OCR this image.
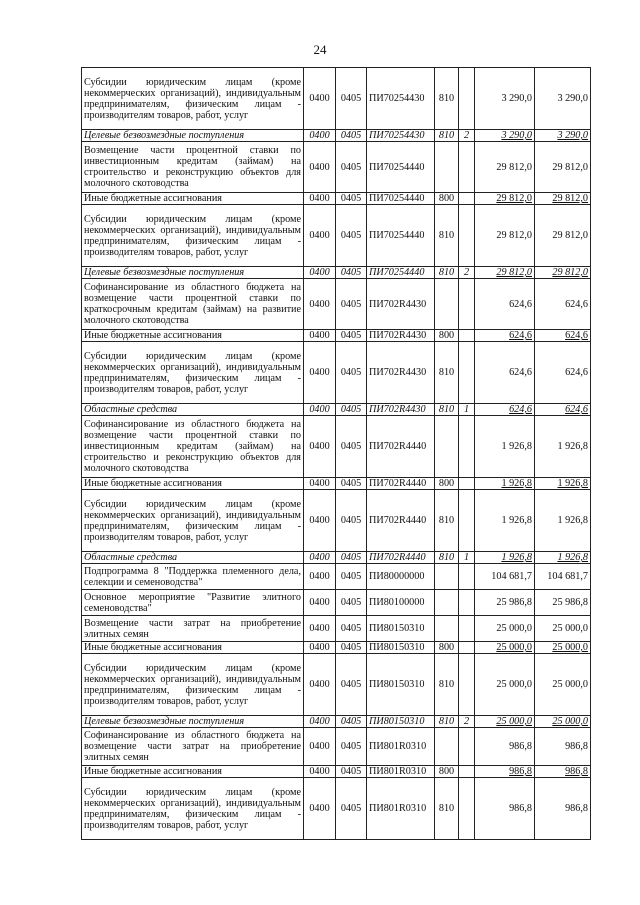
24
Субсидии юридическим лицам (кроме некоммерческих организаций), индивидуальным предпринимателям, физическим лицам - производителям товаров, работ, услуг	0400	0405	ПИ70254430	810		3 290,0	3 290,0
Целевые безвозмездные поступления	0400	0405	ПИ70254430	810	2	3 290,0	3 290,0
Возмещение части процентной ставки по инвестиционным кредитам (займам) на строительство и реконструкцию объектов для молочного скотоводства	0400	0405	ПИ70254440			29 812,0	29 812,0
Иные бюджетные ассигнования	0400	0405	ПИ70254440	800		29 812,0	29 812,0
Субсидии юридическим лицам (кроме некоммерческих организаций), индивидуальным предпринимателям, физическим лицам - производителям товаров, работ, услуг	0400	0405	ПИ70254440	810		29 812,0	29 812,0
Целевые безвозмездные поступления	0400	0405	ПИ70254440	810	2	29 812,0	29 812,0
Софинансирование из областного бюджета на возмещение части процентной ставки по краткосрочным кредитам (займам) на развитие молочного скотоводства	0400	0405	ПИ702R4430			624,6	624,6
Иные бюджетные ассигнования	0400	0405	ПИ702R4430	800		624,6	624,6
Субсидии юридическим лицам (кроме некоммерческих организаций), индивидуальным предпринимателям, физическим лицам - производителям товаров, работ, услуг	0400	0405	ПИ702R4430	810		624,6	624,6
Областные средства	0400	0405	ПИ702R4430	810	1	624,6	624,6
Софинансирование из областного бюджета на возмещение части процентной ставки по инвестиционным кредитам (займам) на строительство и реконструкцию объектов для молочного скотоводства	0400	0405	ПИ702R4440			1 926,8	1 926,8
Иные бюджетные ассигнования	0400	0405	ПИ702R4440	800		1 926,8	1 926,8
Субсидии юридическим лицам (кроме некоммерческих организаций), индивидуальным предпринимателям, физическим лицам - производителям товаров, работ, услуг	0400	0405	ПИ702R4440	810		1 926,8	1 926,8
Областные средства	0400	0405	ПИ702R4440	810	1	1 926,8	1 926,8
Подпрограмма 8 "Поддержка племенного дела, селекции и семеноводства"	0400	0405	ПИ80000000			104 681,7	104 681,7
Основное мероприятие "Развитие элитного семеноводства"	0400	0405	ПИ80100000			25 986,8	25 986,8
Возмещение части затрат на приобретение элитных семян	0400	0405	ПИ80150310			25 000,0	25 000,0
Иные бюджетные ассигнования	0400	0405	ПИ80150310	800		25 000,0	25 000,0
Субсидии юридическим лицам (кроме некоммерческих организаций), индивидуальным предпринимателям, физическим лицам - производителям товаров, работ, услуг	0400	0405	ПИ80150310	810		25 000,0	25 000,0
Целевые безвозмездные поступления	0400	0405	ПИ80150310	810	2	25 000,0	25 000,0
Софинансирование из областного бюджета на возмещение части затрат на приобретение элитных семян	0400	0405	ПИ801R0310			986,8	986,8
Иные бюджетные ассигнования	0400	0405	ПИ801R0310	800		986,8	986,8
Субсидии юридическим лицам (кроме некоммерческих организаций), индивидуальным предпринимателям, физическим лицам - производителям товаров, работ, услуг	0400	0405	ПИ801R0310	810		986,8	986,8
